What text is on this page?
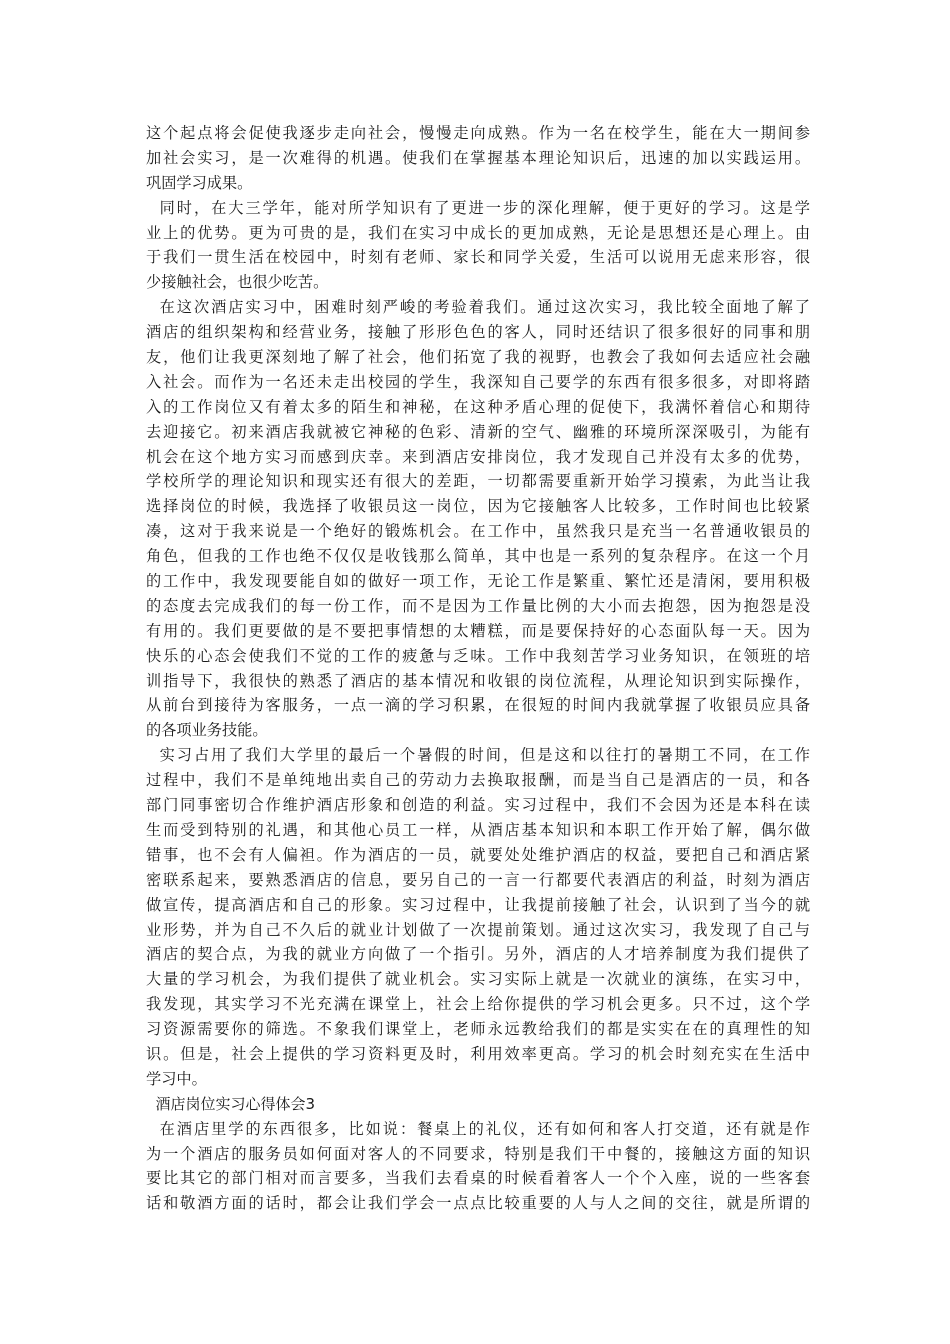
这个起点将会促使我逐步走向社会，慢慢走向成熟。作为一名在校学生，能在大一期间参
加社会实习，是一次难得的机遇。使我们在掌握基本理论知识后，迅速的加以实践运用。
巩固学习成果。
同时，在大三学年，能对所学知识有了更进一步的深化理解，便于更好的学习。这是学
业上的优势。更为可贵的是，我们在实习中成长的更加成熟，无论是思想还是心理上。由
于我们一贯生活在校园中，时刻有老师、家长和同学关爱，生活可以说用无虑来形容，很
少接触社会，也很少吃苦。
在这次酒店实习中，困难时刻严峻的考验着我们。通过这次实习，我比较全面地了解了
酒店的组织架构和经营业务，接触了形形色色的客人，同时还结识了很多很好的同事和朋
友，他们让我更深刻地了解了社会，他们拓宽了我的视野，也教会了我如何去适应社会融
入社会。而作为一名还未走出校园的学生，我深知自己要学的东西有很多很多，对即将踏
入的工作岗位又有着太多的陌生和神秘，在这种矛盾心理的促使下，我满怀着信心和期待
去迎接它。初来酒店我就被它神秘的色彩、清新的空气、幽雅的环境所深深吸引，为能有
机会在这个地方实习而感到庆幸。来到酒店安排岗位，我才发现自己并没有太多的优势，
学校所学的理论知识和现实还有很大的差距，一切都需要重新开始学习摸索，为此当让我
选择岗位的时候，我选择了收银员这一岗位，因为它接触客人比较多，工作时间也比较紧
凑，这对于我来说是一个绝好的锻炼机会。在工作中，虽然我只是充当一名普通收银员的
角色，但我的工作也绝不仅仅是收钱那么简单，其中也是一系列的复杂程序。在这一个月
的工作中，我发现要能自如的做好一项工作，无论工作是繁重、繁忙还是清闲，要用积极
的态度去完成我们的每一份工作，而不是因为工作量比例的大小而去抱怨，因为抱怨是没
有用的。我们更要做的是不要把事情想的太糟糕，而是要保持好的心态面队每一天。因为
快乐的心态会使我们不觉的工作的疲惫与乏味。工作中我刻苦学习业务知识，在领班的培
训指导下，我很快的熟悉了酒店的基本情况和收银的岗位流程，从理论知识到实际操作，
从前台到接待为客服务，一点一滴的学习积累，在很短的时间内我就掌握了收银员应具备
的各项业务技能。
实习占用了我们大学里的最后一个暑假的时间，但是这和以往打的暑期工不同，在工作
过程中，我们不是单纯地出卖自己的劳动力去换取报酬，而是当自己是酒店的一员，和各
部门同事密切合作维护酒店形象和创造的利益。实习过程中，我们不会因为还是本科在读
生而受到特别的礼遇，和其他心员工一样，从酒店基本知识和本职工作开始了解，偶尔做
错事，也不会有人偏袒。作为酒店的一员，就要处处维护酒店的权益，要把自己和酒店紧
密联系起来，要熟悉酒店的信息，要另自己的一言一行都要代表酒店的利益，时刻为酒店
做宣传，提高酒店和自己的形象。实习过程中，让我提前接触了社会，认识到了当今的就
业形势，并为自己不久后的就业计划做了一次提前策划。通过这次实习，我发现了自己与
酒店的契合点，为我的就业方向做了一个指引。另外，酒店的人才培养制度为我们提供了
大量的学习机会，为我们提供了就业机会。实习实际上就是一次就业的演练，在实习中，
我发现，其实学习不光充满在课堂上，社会上给你提供的学习机会更多。只不过，这个学
习资源需要你的筛选。不象我们课堂上，老师永远教给我们的都是实实在在的真理性的知
识。但是，社会上提供的学习资料更及时，利用效率更高。学习的机会时刻充实在生活中
学习中。
酒店岗位实习心得体会3
在酒店里学的东西很多，比如说：餐桌上的礼仪，还有如何和客人打交道，还有就是作
为一个酒店的服务员如何面对客人的不同要求，特别是我们干中餐的，接触这方面的知识
要比其它的部门相对而言要多，当我们去看桌的时候看着客人一个个入座，说的一些客套
话和敬酒方面的话时，都会让我们学会一点点比较重要的人与人之间的交往，就是所谓的
